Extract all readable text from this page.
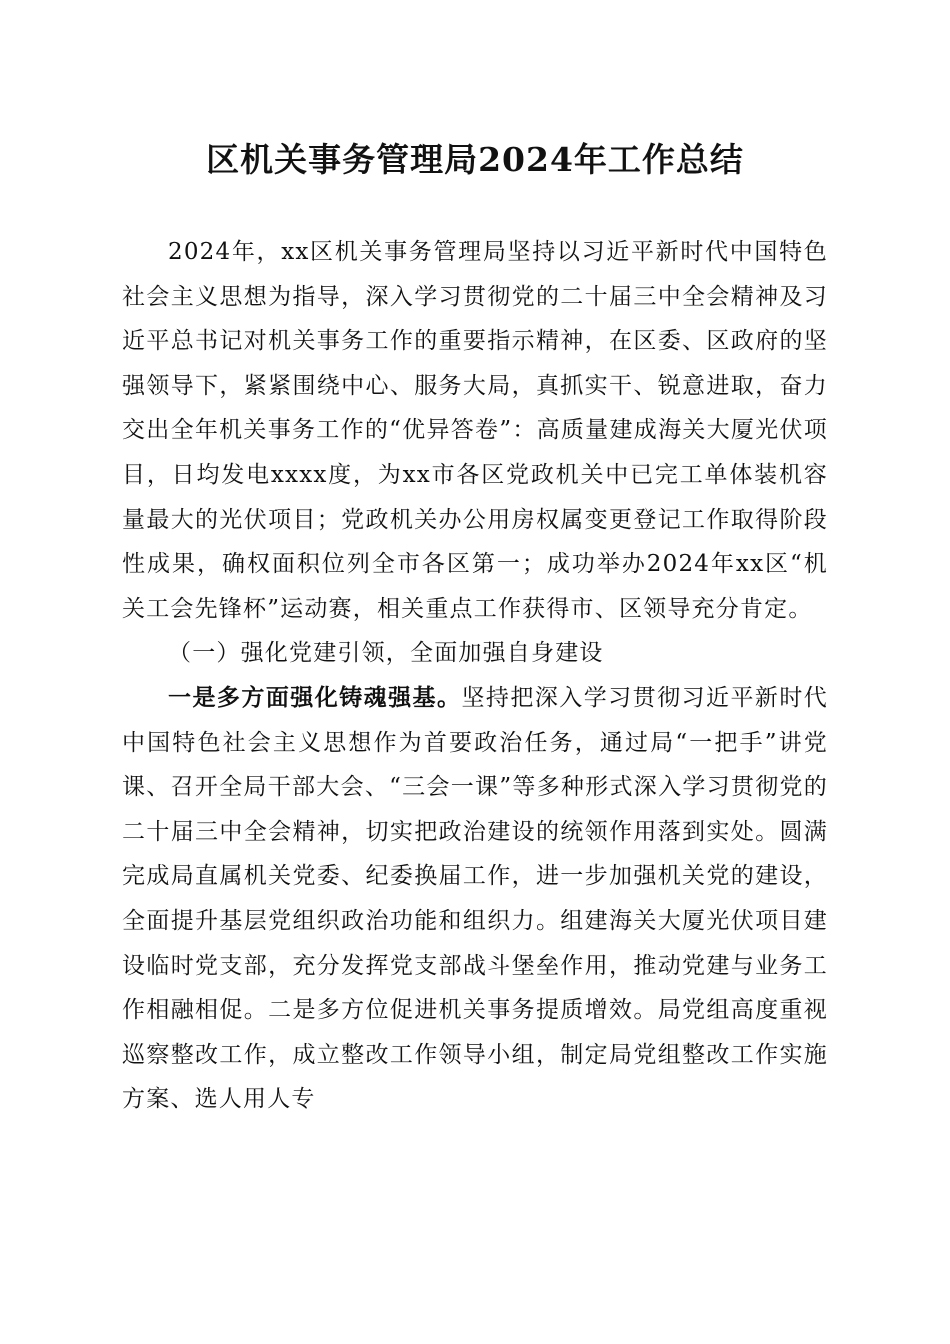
区机关事务管理局2024年工作总结

2024年，xx区机关事务管理局坚持以习近平新时代中国特色社会主义思想为指导，深入学习贯彻党的二十届三中全会精神及习近平总书记对机关事务工作的重要指示精神，在区委、区政府的坚强领导下，紧紧围绕中心、服务大局，真抓实干、锐意进取，奋力交出全年机关事务工作的“优异答卷”：高质量建成海关大厦光伏项目，日均发电xxxx度，为xx市各区党政机关中已完工单体装机容量最大的光伏项目；党政机关办公用房权属变更登记工作取得阶段性成果，确权面积位列全市各区第一；成功举办2024年xx区“机关工会先锋杯”运动赛，相关重点工作获得市、区领导充分肯定。

（一）强化党建引领，全面加强自身建设

一是多方面强化铸魂强基。坚持把深入学习贯彻习近平新时代中国特色社会主义思想作为首要政治任务，通过局“一把手”讲党课、召开全局干部大会、“三会一课”等多种形式深入学习贯彻党的二十届三中全会精神，切实把政治建设的统领作用落到实处。圆满完成局直属机关党委、纪委换届工作，进一步加强机关党的建设，全面提升基层党组织政治功能和组织力。组建海关大厦光伏项目建设临时党支部，充分发挥党支部战斗堡垒作用，推动党建与业务工作相融相促。二是多方位促进机关事务提质增效。局党组高度重视巡察整改工作，成立整改工作领导小组，制定局党组整改工作实施方案、选人用人专
